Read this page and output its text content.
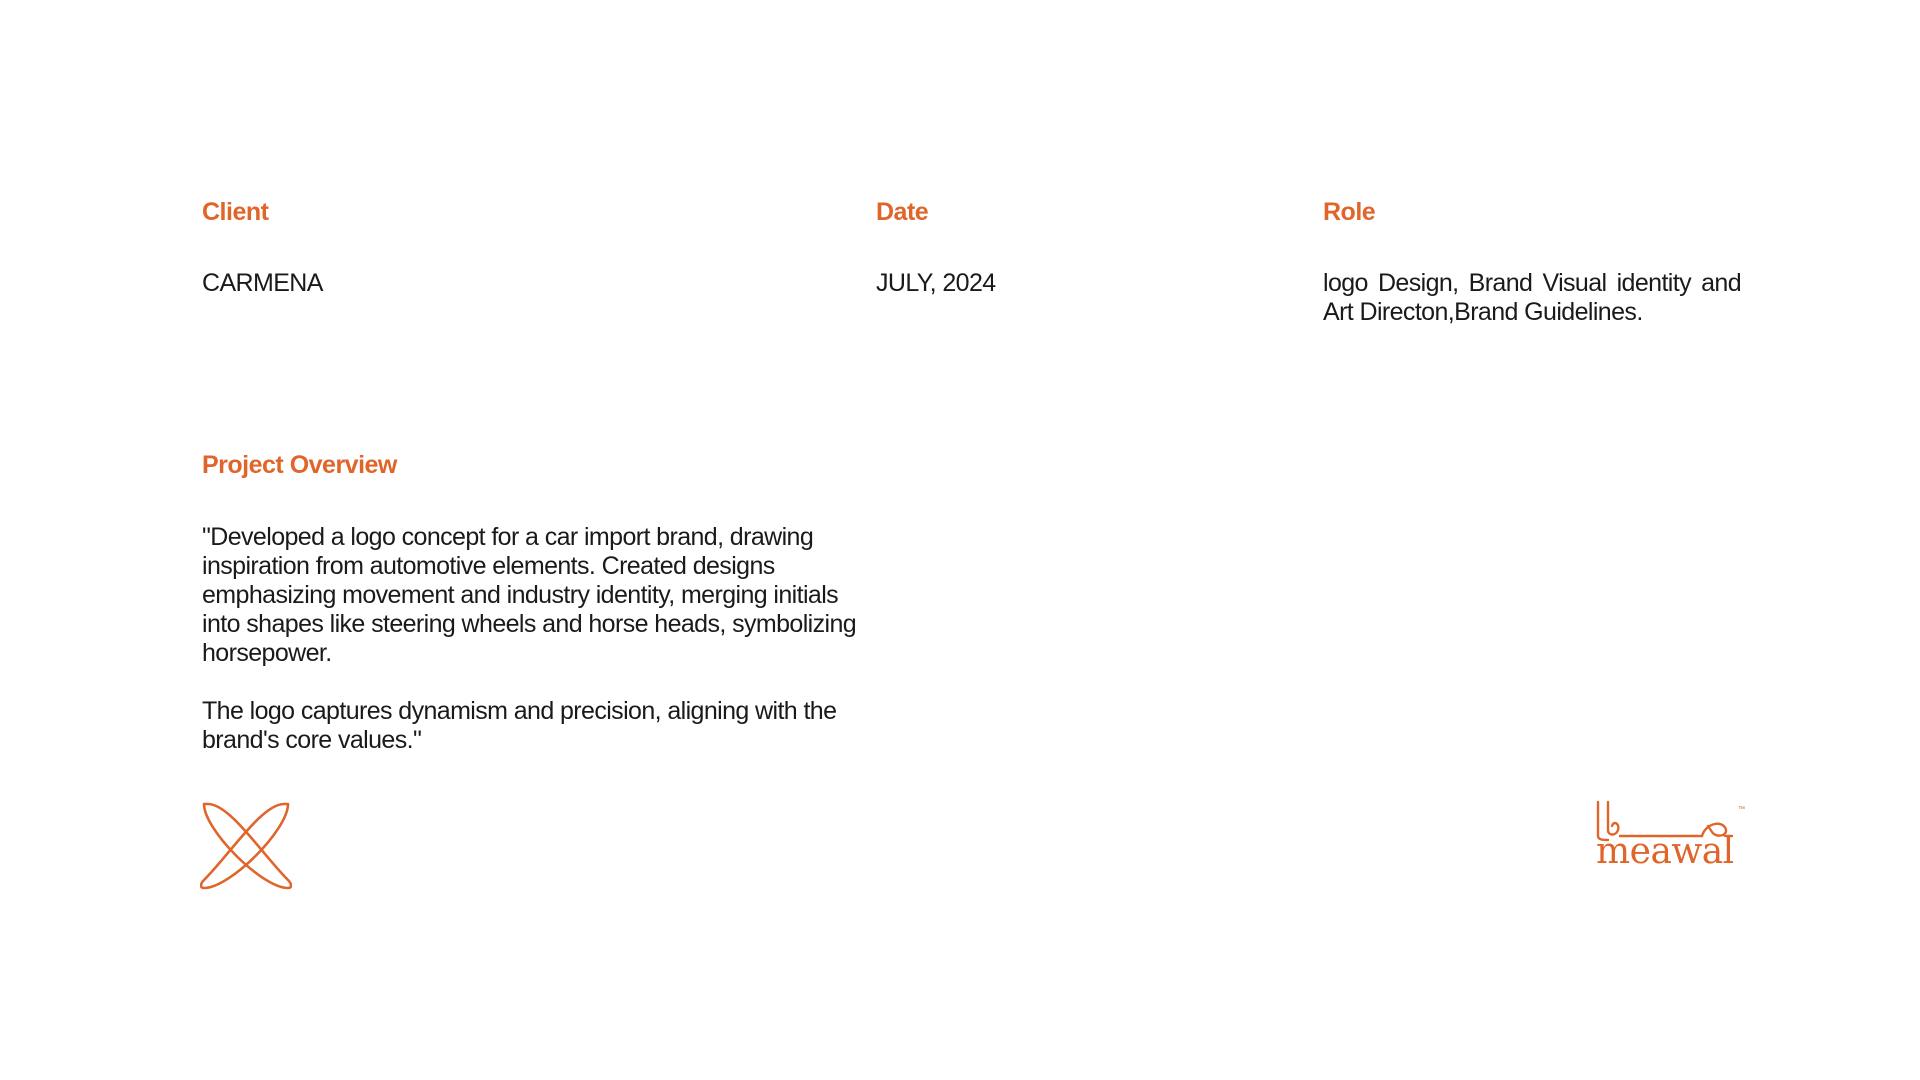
Client	Date	Role
CARMENA	JULY, 2024	logo Design, Brand Visual identity and Art Directon,Brand Guidelines.
Project Overview
"Developed a logo concept for a car import brand, drawing inspiration from automotive elements. Created designs emphasizing movement and industry identity, merging initials into shapes like steering wheels and horse heads, symbolizing horsepower.
The logo captures dynamism and precision, aligning with the brand's core values."
meawal
™
